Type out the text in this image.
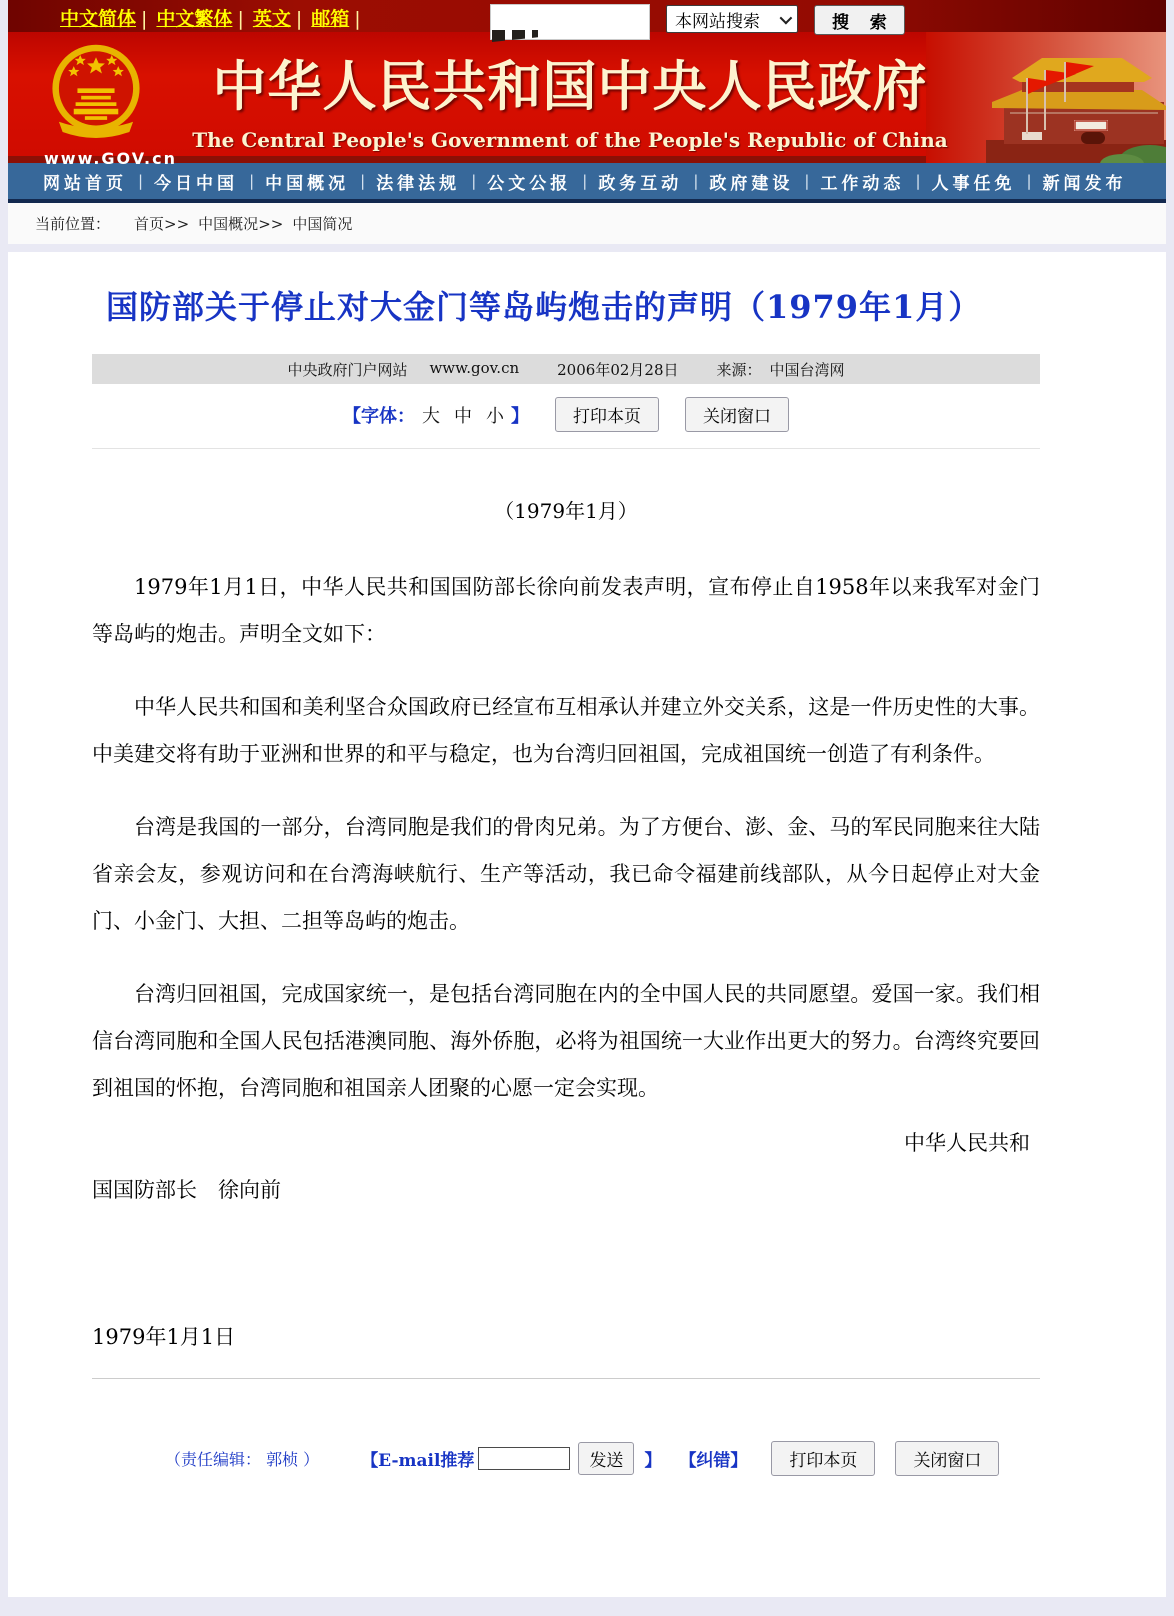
中文简体 | 中文繁体 | 英文 | 邮箱 |	本网站搜索	搜 索
www.GOV.cn
中华人民共和国中央人民政府
The Central People's Government of the People's Republic of China
网站首页 | 今日中国 | 中国概况 | 法律法规 | 公文公报 | 政务互动 | 政府建设 | 工作动态 | 人事任免 | 新闻发布
当前位置： 首页 >> 中国概况 >> 中国简况
国防部关于停止对大金门等岛屿炮击的声明（1979年1月）
中央政府门户网站 www.gov.cn	2006年02月28日	来源： 中国台湾网
【字体： 大 中 小 】	打印本页	关闭窗口

（1979年1月）

1979年1月1日，中华人民共和国国防部长徐向前发表声明，宣布停止自1958年以来我军对金门等岛屿的炮击。声明全文如下：

中华人民共和国和美利坚合众国政府已经宣布互相承认并建立外交关系，这是一件历史性的大事。中美建交将有助于亚洲和世界的和平与稳定，也为台湾归回祖国，完成祖国统一创造了有利条件。

台湾是我国的一部分，台湾同胞是我们的骨肉兄弟。为了方便台、澎、金、马的军民同胞来往大陆省亲会友，参观访问和在台湾海峡航行、生产等活动，我已命令福建前线部队，从今日起停止对大金门、小金门、大担、二担等岛屿的炮击。

台湾归回祖国，完成国家统一，是包括台湾同胞在内的全中国人民的共同愿望。爱国一家。我们相信台湾同胞和全国人民包括港澳同胞、海外侨胞，必将为祖国统一大业作出更大的努力。台湾终究要回到祖国的怀抱，台湾同胞和祖国亲人团聚的心愿一定会实现。

中华人民共和

国国防部长　徐向前

1979年1月1日

（责任编辑： 郭桢 ） 【E-mail推荐	发送	】 【纠错】	打印本页	关闭窗口
